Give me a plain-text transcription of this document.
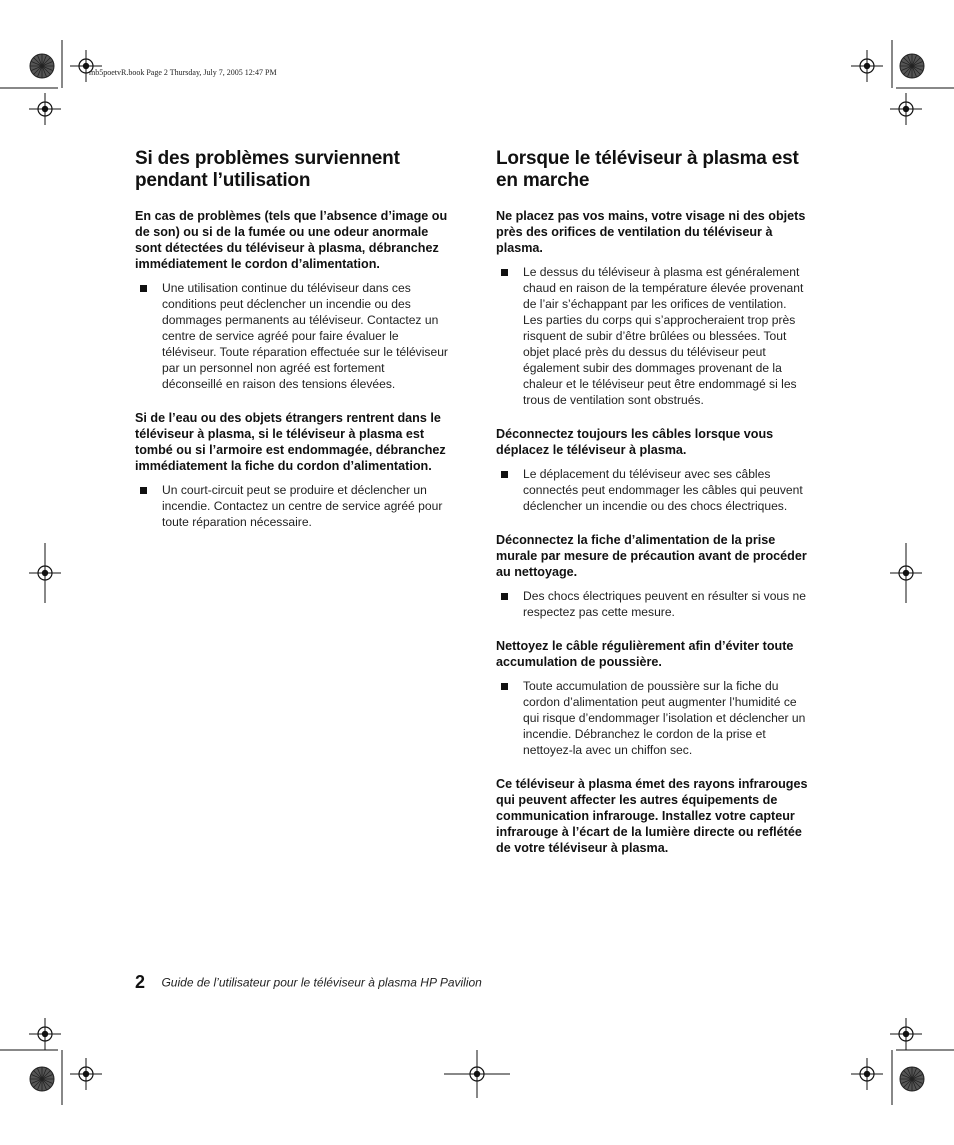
mb5poetvR.book Page 2 Thursday, July 7, 2005 12:47 PM
Si des problèmes surviennent pendant l’utilisation

En cas de problèmes (tels que l’absence d’image ou de son) ou si de la fumée ou une odeur anormale sont détectées du téléviseur à plasma, débranchez immédiatement le cordon d’alimentation.

Une utilisation continue du téléviseur dans ces conditions peut déclencher un incendie ou des dommages permanents au téléviseur. Contactez un centre de service agréé pour faire évaluer le téléviseur. Toute réparation effectuée sur le téléviseur par un personnel non agréé est fortement déconseillé en raison des tensions élevées.

Si de l’eau ou des objets étrangers rentrent dans le téléviseur à plasma, si le téléviseur à plasma est tombé ou si l’armoire est endommagée, débranchez immédiatement la fiche du cordon d’alimentation.

Un court-circuit peut se produire et déclencher un incendie. Contactez un centre de service agréé pour toute réparation nécessaire.
Lorsque le téléviseur à plasma est en marche

Ne placez pas vos mains, votre visage ni des objets près des orifices de ventilation du téléviseur à plasma.

Le dessus du téléviseur à plasma est généralement chaud en raison de la température élevée provenant de l’air s’échappant par les orifices de ventilation. Les parties du corps qui s’approcheraient trop près risquent de subir d’être brûlées ou blessées. Tout objet placé près du dessus du téléviseur peut également subir des dommages provenant de la chaleur et le téléviseur peut être endommagé si les trous de ventilation sont obstrués.

Déconnectez toujours les câbles lorsque vous déplacez le téléviseur à plasma.

Le déplacement du téléviseur avec ses câbles connectés peut endommager les câbles qui peuvent déclencher un incendie ou des chocs électriques.

Déconnectez la fiche d’alimentation de la prise murale par mesure de précaution avant de procéder au nettoyage.

Des chocs électriques peuvent en résulter si vous ne respectez pas cette mesure.

Nettoyez le câble régulièrement afin d’éviter toute accumulation de poussière.

Toute accumulation de poussière sur la fiche du cordon d’alimentation peut augmenter l’humidité ce qui risque d’endommager l’isolation et déclencher un incendie. Débranchez le cordon de la prise et nettoyez-la avec un chiffon sec.

Ce téléviseur à plasma émet des rayons infrarouges qui peuvent affecter les autres équipements de communication infrarouge. Installez votre capteur infrarouge à l’écart de la lumière directe ou reflétée de votre téléviseur à plasma.

2 Guide de l’utilisateur pour le téléviseur à plasma HP Pavilion
